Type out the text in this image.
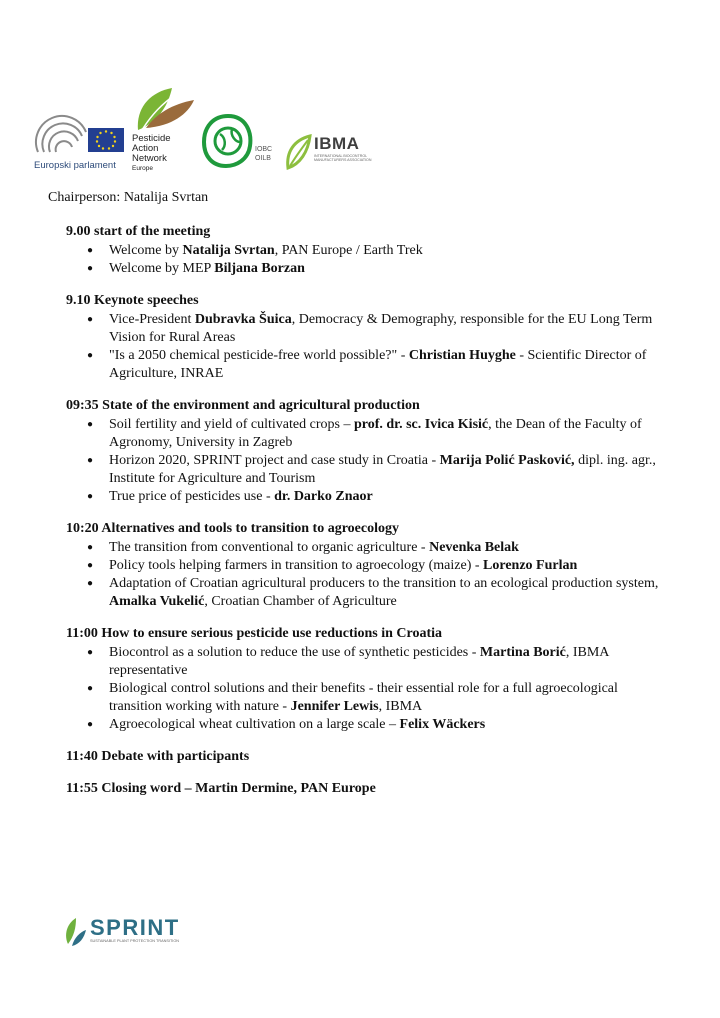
Europski parlament
Pesticide
Action
Network
Europe
IOBC
OILB
IBMA
INTERNATIONAL BIOCONTROL MANUFACTURERS ASSOCIATION
Chairperson: Natalija Svrtan
9.00 start of the meeting
● Welcome by Natalija Svrtan, PAN Europe / Earth Trek
● Welcome by MEP Biljana Borzan
9.10 Keynote speeches
● Vice-President Dubravka Šuica, Democracy & Demography, responsible for the EU Long Term Vision for Rural Areas
● "Is a 2050 chemical pesticide-free world possible?" - Christian Huyghe - Scientific Director of Agriculture, INRAE
09:35 State of the environment and agricultural production
● Soil fertility and yield of cultivated crops – prof. dr. sc. Ivica Kisić, the Dean of the Faculty of Agronomy, University in Zagreb
● Horizon 2020, SPRINT project and case study in Croatia - Marija Polić Pasković, dipl. ing. agr., Institute for Agriculture and Tourism
● True price of pesticides use - dr. Darko Znaor
10:20 Alternatives and tools to transition to agroecology
● The transition from conventional to organic agriculture - Nevenka Belak
● Policy tools helping farmers in transition to agroecology (maize) - Lorenzo Furlan
● Adaptation of Croatian agricultural producers to the transition to an ecological production system, Amalka Vukelić, Croatian Chamber of Agriculture
11:00 How to ensure serious pesticide use reductions in Croatia
● Biocontrol as a solution to reduce the use of synthetic pesticides - Martina Borić, IBMA representative
● Biological control solutions and their benefits - their essential role for a full agroecological transition working with nature - Jennifer Lewis, IBMA
● Agroecological wheat cultivation on a large scale – Felix Wäckers
11:40 Debate with participants
11:55 Closing word – Martin Dermine, PAN Europe
SPRINT
SUSTAINABLE PLANT PROTECTION TRANSITION
